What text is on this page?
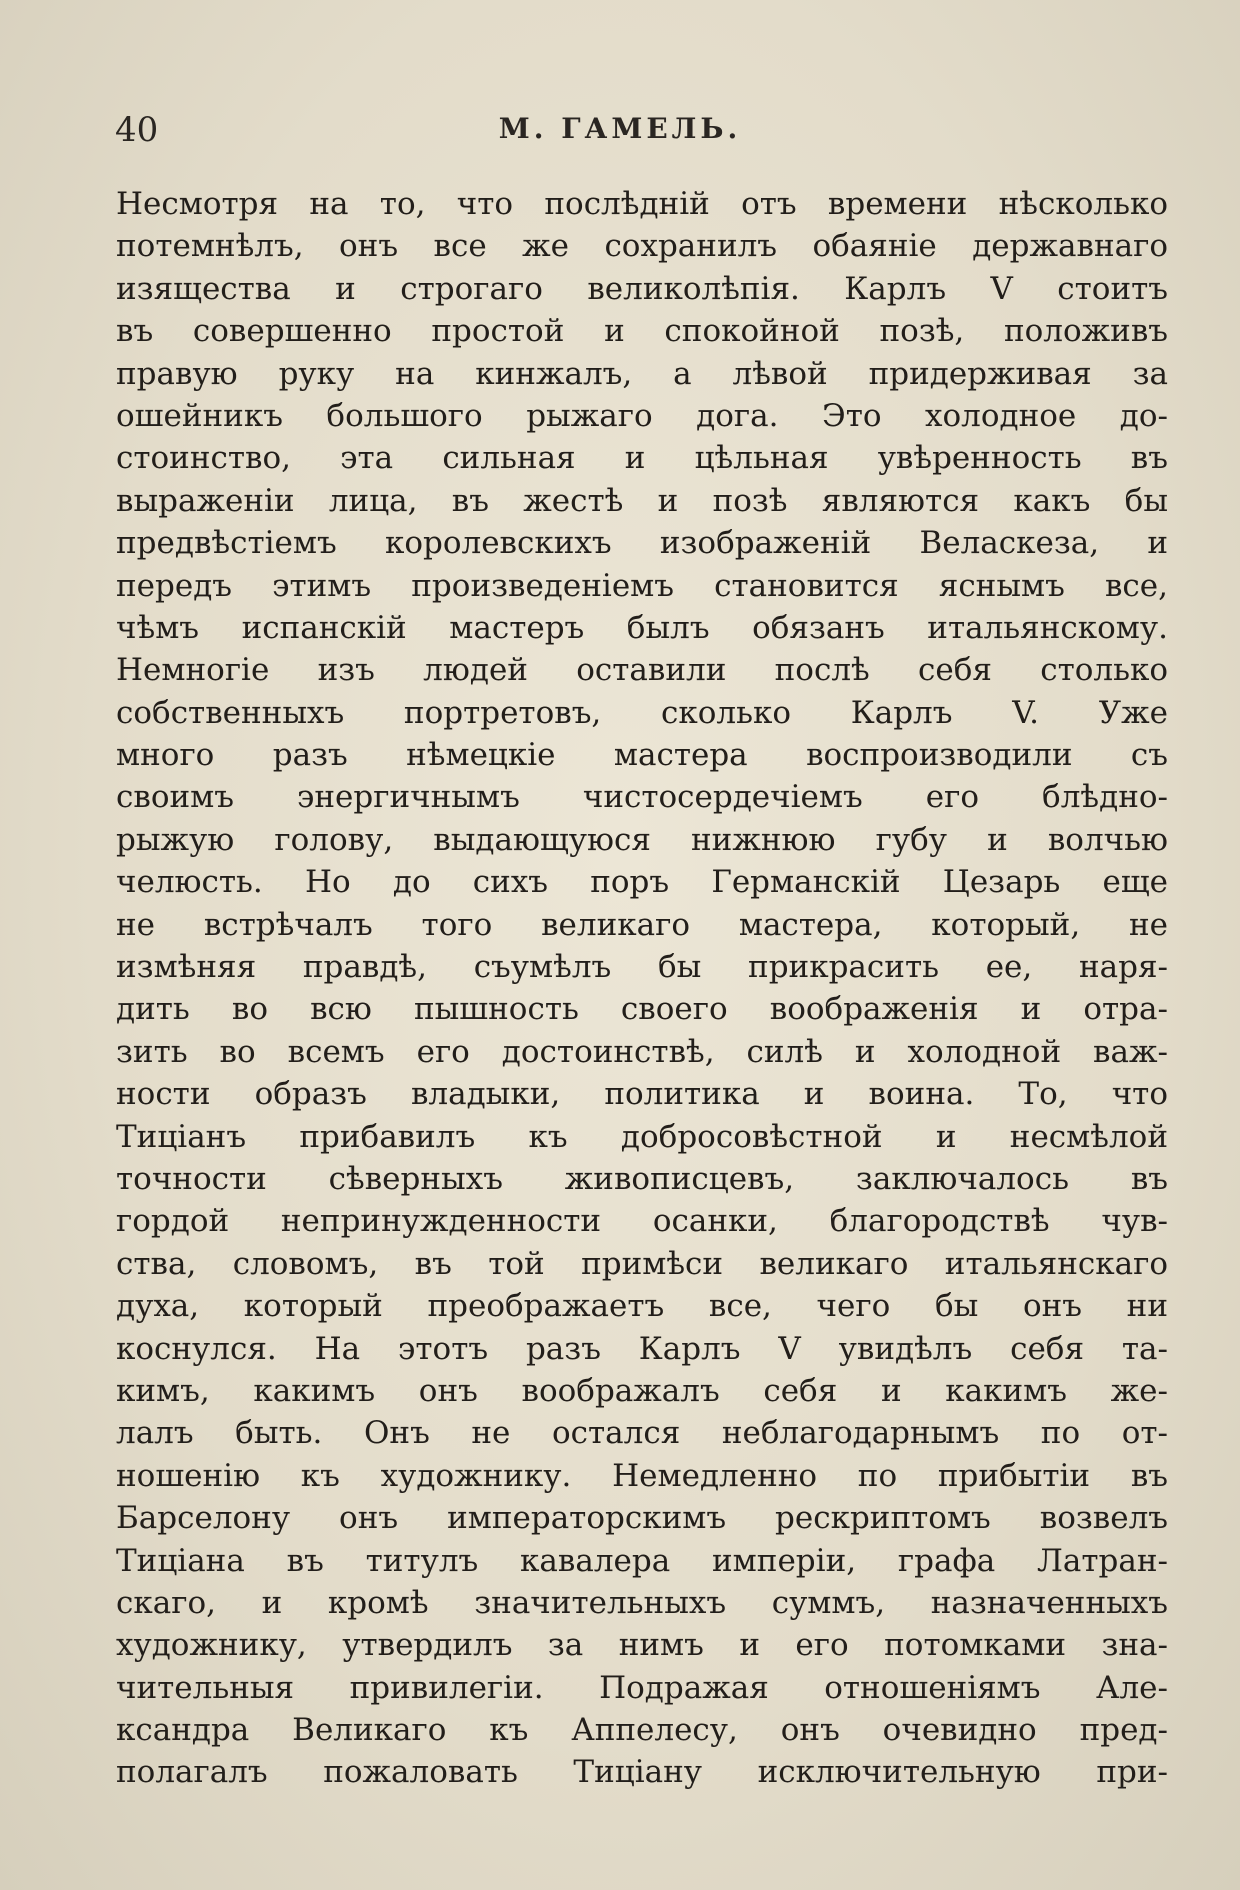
40	М. ГАМЕЛЬ.

Несмотря на то, что послѣднiй отъ времени нѣсколько
потемнѣлъ, онъ все же сохранилъ обаянiе державнаго
изящества и строгаго великолѣпiя. Карлъ V стоитъ
въ совершенно простой и спокойной позѣ, положивъ
правую руку на кинжалъ, а лѣвой придерживая за
ошейникъ большого рыжаго дога. Это холодное до-
стоинство, эта сильная и цѣльная увѣренность въ
выраженiи лица, въ жестѣ и позѣ являются какъ бы
предвѣстiемъ королевскихъ изображенiй Веласкеза, и
передъ этимъ произведенiемъ становится яснымъ все,
чѣмъ испанскiй мастеръ былъ обязанъ итальянскому.
Немногiе изъ людей оставили послѣ себя столько
собственныхъ портретовъ, сколько Карлъ V. Уже
много разъ нѣмецкiе мастера воспроизводили съ
своимъ энергичнымъ чистосердечiемъ его блѣдно-
рыжую голову, выдающуюся нижнюю губу и волчью
челюсть. Но до сихъ поръ Германскiй Цезарь еще
не встрѣчалъ того великаго мастера, который, не
измѣняя правдѣ, съумѣлъ бы прикрасить ее, наря-
дить во всю пышность своего воображенiя и отра-
зить во всемъ его достоинствѣ, силѣ и холодной важ-
ности образъ владыки, политика и воина. То, что
Тицiанъ прибавилъ къ добросовѣстной и несмѣлой
точности сѣверныхъ живописцевъ, заключалось въ
гордой непринужденности осанки, благородствѣ чув-
ства, словомъ, въ той примѣси великаго итальянскаго
духа, который преображаетъ все, чего бы онъ ни
коснулся. На этотъ разъ Карлъ V увидѣлъ себя та-
кимъ, какимъ онъ воображалъ себя и какимъ же-
лалъ быть. Онъ не остался неблагодарнымъ по от-
ношенiю къ художнику. Немедленно по прибытiи въ
Барселону онъ императорскимъ рескриптомъ возвелъ
Тицiана въ титулъ кавалера имперiи, графа Латран-
скаго, и кромѣ значительныхъ суммъ, назначенныхъ
художнику, утвердилъ за нимъ и его потомками зна-
чительныя привилегiи. Подражая отношенiямъ Але-
ксандра Великаго къ Аппелесу, онъ очевидно пред-
полагалъ пожаловать Тицiану исключительную при-
